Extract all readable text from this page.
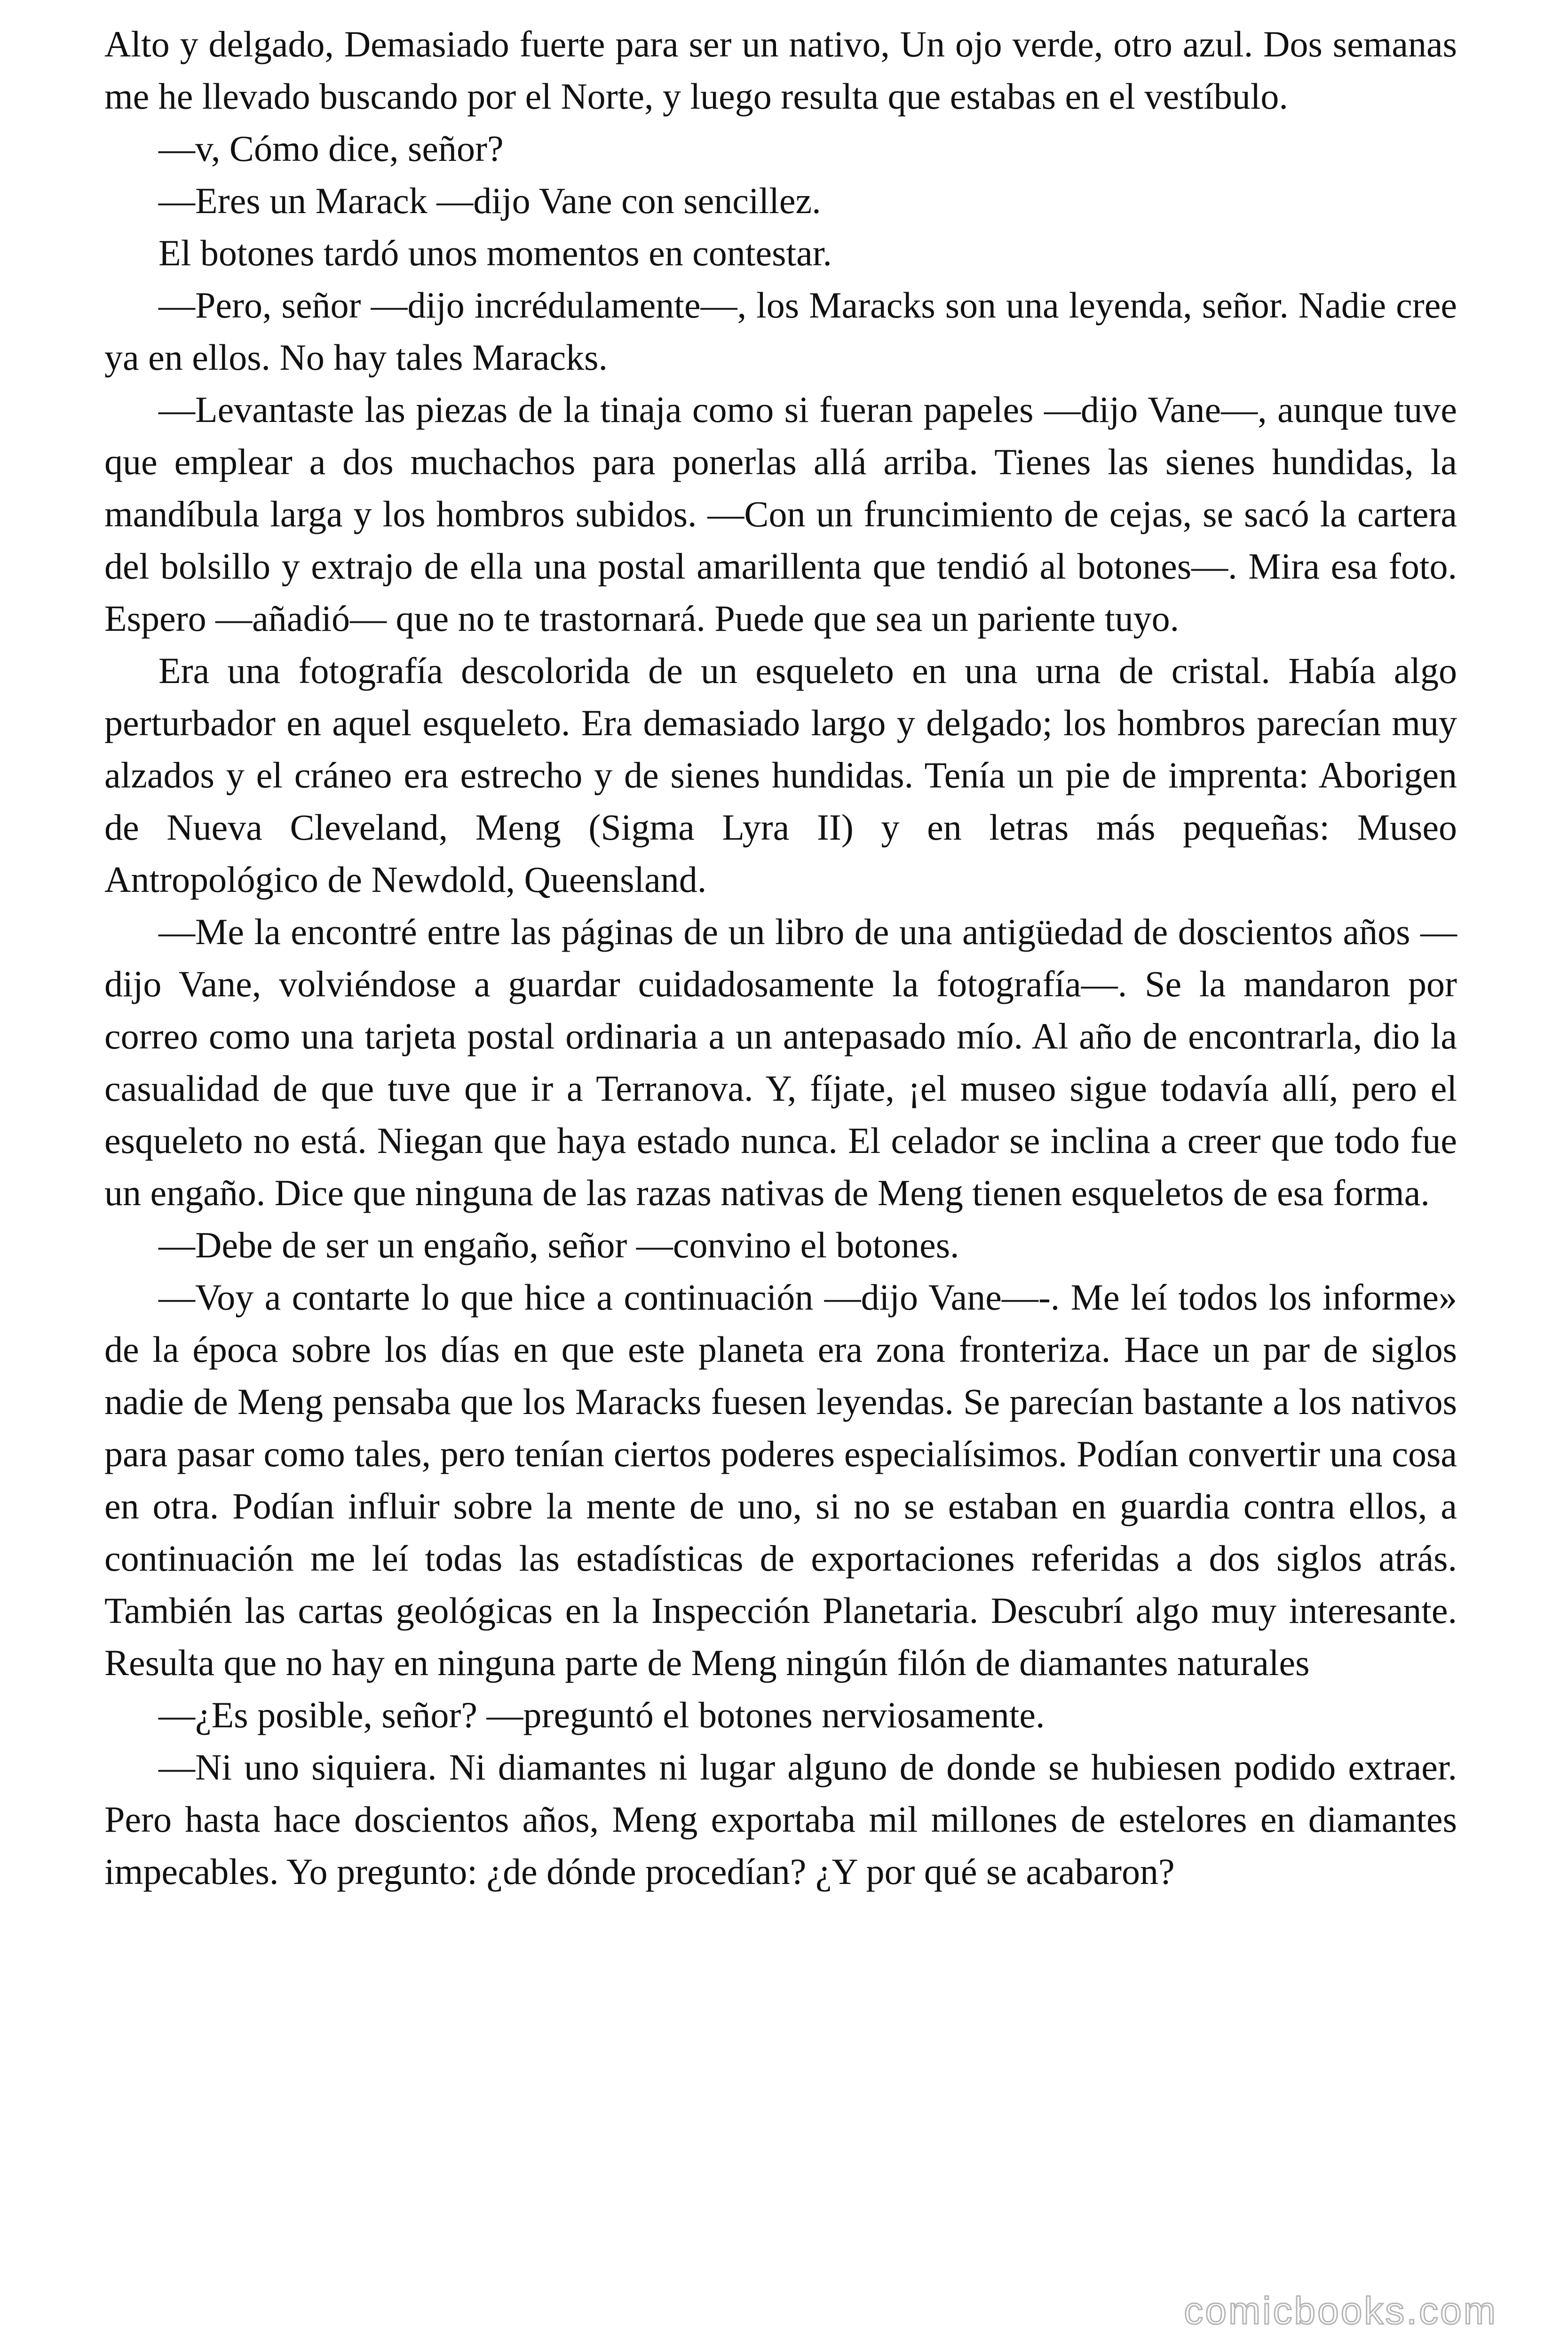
Alto y delgado, Demasiado fuerte para ser un nativo, Un ojo verde, otro azul. Dos semanas me he llevado buscando por el Norte, y luego resulta que estabas en el vestíbulo.

—v, Cómo dice, señor?

—Eres un Marack —dijo Vane con sencillez.

El botones tardó unos momentos en contestar.

—Pero, señor —dijo incrédulamente—, los Maracks son una leyenda, señor. Nadie cree ya en ellos. No hay tales Maracks.

—Levantaste las piezas de la tinaja como si fueran papeles —dijo Vane—, aunque tuve que emplear a dos muchachos para ponerlas allá arriba. Tienes las sienes hundidas, la mandíbula larga y los hombros subidos. —Con un fruncimiento de cejas, se sacó la cartera del bolsillo y extrajo de ella una postal amarillenta que tendió al botones—. Mira esa foto. Espero —añadió— que no te trastornará. Puede que sea un pariente tuyo.

Era una fotografía descolorida de un esqueleto en una urna de cristal. Había algo perturbador en aquel esqueleto. Era demasiado largo y delgado; los hombros parecían muy alzados y el cráneo era estrecho y de sienes hundidas. Tenía un pie de imprenta: Aborigen de Nueva Cleveland, Meng (Sigma Lyra II) y en letras más pequeñas: Museo Antropológico de Newdold, Queensland.

—Me la encontré entre las páginas de un libro de una antigüedad de doscientos años —dijo Vane, volviéndose a guardar cuidadosamente la fotografía—. Se la mandaron por correo como una tarjeta postal ordinaria a un antepasado mío. Al año de encontrarla, dio la casualidad de que tuve que ir a Terranova. Y, fíjate, ¡el museo sigue todavía allí, pero el esqueleto no está. Niegan que haya estado nunca. El celador se inclina a creer que todo fue un engaño. Dice que ninguna de las razas nativas de Meng tienen esqueletos de esa forma.

—Debe de ser un engaño, señor —convino el botones.

—Voy a contarte lo que hice a continuación —dijo Vane—-. Me leí todos los informe» de la época sobre los días en que este planeta era zona fronteriza. Hace un par de siglos nadie de Meng pensaba que los Maracks fuesen leyendas. Se parecían bastante a los nativos para pasar como tales, pero tenían ciertos poderes especialísimos. Podían convertir una cosa en otra. Podían influir sobre la mente de uno, si no se estaban en guardia contra ellos, a continuación me leí todas las estadísticas de exportaciones referidas a dos siglos atrás. También las cartas geológicas en la Inspección Planetaria. Descubrí algo muy interesante. Resulta que no hay en ninguna parte de Meng ningún filón de diamantes naturales

—¿Es posible, señor? —preguntó el botones nerviosamente.

—Ni uno siquiera. Ni diamantes ni lugar alguno de donde se hubiesen podido extraer. Pero hasta hace doscientos años, Meng exportaba mil millones de estelores en diamantes impecables. Yo pregunto: ¿de dónde procedían? ¿Y por qué se acabaron?

comicbooks.com
